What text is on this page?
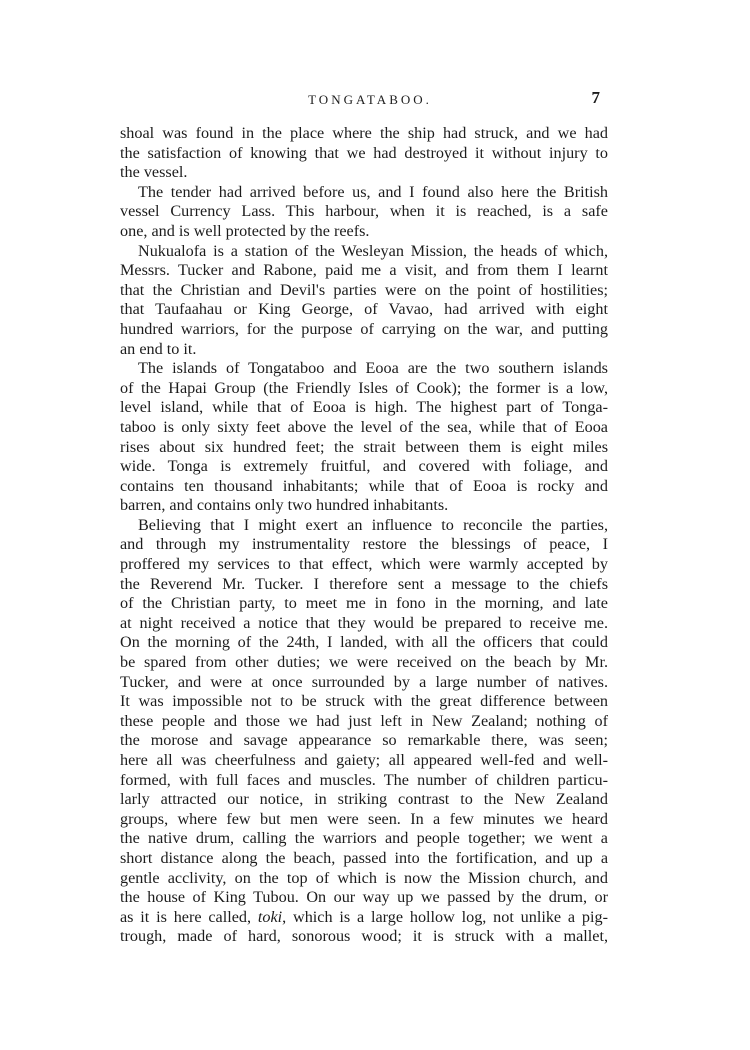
TONGATABOO.	7
shoal was found in the place where the ship had struck, and we had
the satisfaction of knowing that we had destroyed it without injury to
the vessel.
The tender had arrived before us, and I found also here the British
vessel Currency Lass. This harbour, when it is reached, is a safe
one, and is well protected by the reefs.
Nukualofa is a station of the Wesleyan Mission, the heads of which,
Messrs. Tucker and Rabone, paid me a visit, and from them I learnt
that the Christian and Devil's parties were on the point of hostilities;
that Taufaahau or King George, of Vavao, had arrived with eight
hundred warriors, for the purpose of carrying on the war, and putting
an end to it.
The islands of Tongataboo and Eooa are the two southern islands
of the Hapai Group (the Friendly Isles of Cook); the former is a low,
level island, while that of Eooa is high. The highest part of Tonga-
taboo is only sixty feet above the level of the sea, while that of Eooa
rises about six hundred feet; the strait between them is eight miles
wide. Tonga is extremely fruitful, and covered with foliage, and
contains ten thousand inhabitants; while that of Eooa is rocky and
barren, and contains only two hundred inhabitants.
Believing that I might exert an influence to reconcile the parties,
and through my instrumentality restore the blessings of peace, I
proffered my services to that effect, which were warmly accepted by
the Reverend Mr. Tucker. I therefore sent a message to the chiefs
of the Christian party, to meet me in fono in the morning, and late
at night received a notice that they would be prepared to receive me.
On the morning of the 24th, I landed, with all the officers that could
be spared from other duties; we were received on the beach by Mr.
Tucker, and were at once surrounded by a large number of natives.
It was impossible not to be struck with the great difference between
these people and those we had just left in New Zealand; nothing of
the morose and savage appearance so remarkable there, was seen;
here all was cheerfulness and gaiety; all appeared well-fed and well-
formed, with full faces and muscles. The number of children particu-
larly attracted our notice, in striking contrast to the New Zealand
groups, where few but men were seen. In a few minutes we heard
the native drum, calling the warriors and people together; we went a
short distance along the beach, passed into the fortification, and up a
gentle acclivity, on the top of which is now the Mission church, and
the house of King Tubou. On our way up we passed by the drum, or
as it is here called, toki, which is a large hollow log, not unlike a pig-
trough, made of hard, sonorous wood; it is struck with a mallet,
